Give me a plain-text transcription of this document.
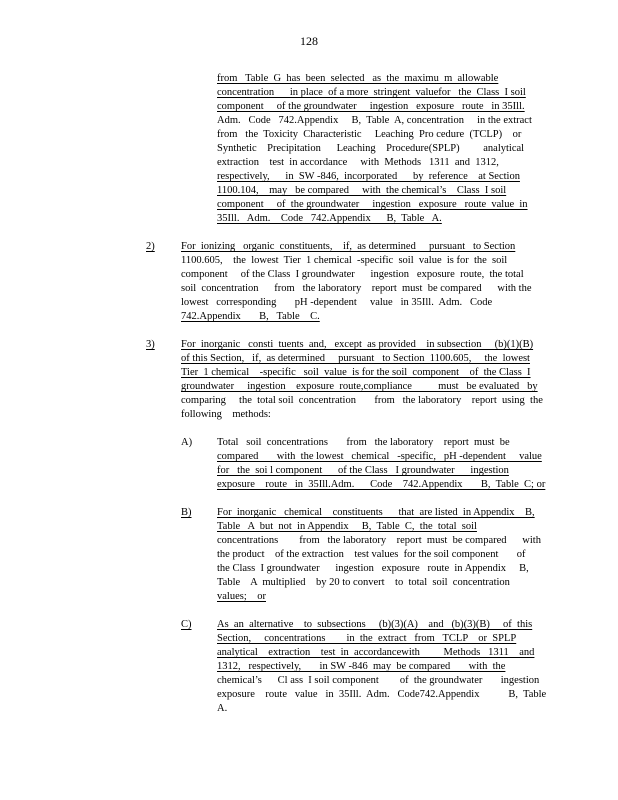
128
from   Table  G  has  been  selected   as  the  maximu  m  allowable
concentration      in place  of a more  stringent  valuefor   the  Class  I soil
component     of the groundwater     ingestion   exposure   route   in 35Ill.
Adm.   Code   742.Appendix     B,  Table  A, concentration     in the extract
from   the  Toxicity  Characteristic     Leaching  Pro cedure  (TCLP)    or
Synthetic    Precipitation      Leaching    Procedure(SPLP)         analytical
extraction    test  in accordance     with  Methods   1311  and  1312,
respectively,      in  SW -846,  incorporated      by  reference    at Section
1100.104,    may   be compared     with  the chemical’s    Class  I soil
component     of  the groundwater     ingestion   exposure   route  value  in
35Ill.   Adm.    Code   742.Appendix      B,  Table   A.
2)	For  ionizing   organic  constituents,    if,  as determined     pursuant   to Section
1100.605,    the  lowest  Tier  1 chemical  -specific  soil  value  is for  the  soil
component     of the Class  I groundwater      ingestion   exposure  route,  the total
soil  concentration      from   the laboratory    report  must  be compared      with the
lowest   corresponding       pH -dependent     value   in 35Ill.  Adm.   Code
742.Appendix       B,   Table    C.
3)	For  inorganic   consti  tuents  and,   except  as provided    in subsection     (b)(1)(B)
of this Section,   if,  as determined     pursuant   to Section  1100.605,     the  lowest
Tier  1 chemical    -specific   soil  value  is for the soil  component    of  the Class  I
groundwater     ingestion    exposure  route,compliance          must   be evaluated   by
comparing     the  total soil  concentration       from   the laboratory    report  using  the
following    methods:
A) Total   soil  concentrations       from   the laboratory    report  must  be
compared       with  the lowest   chemical   -specific,   pH -dependent     value
for   the  soi l component      of the Class   I groundwater      ingestion
exposure    route   in  35Ill.Adm.      Code    742.Appendix       B,  Table  C; or
B) For  inorganic   chemical    constituents      that  are listed  in Appendix    B,
Table   A  but  not  in Appendix     B,  Table  C,  the  total  soil
concentrations        from   the laboratory    report  must  be compared      with
the product    of the extraction    test values  for the soil component       of
the Class  I groundwater      ingestion   exposure   route  in Appendix     B,
Table    A  multiplied    by 20 to convert    to  total  soil  concentration
values;    or
C) As  an  alternative    to  subsections     (b)(3)(A)    and   (b)(3)(B)     of  this
Section,     concentrations        in  the  extract   from   TCLP    or  SPLP
analytical    extraction    test  in  accordancewith         Methods   1311    and
1312,   respectively,       in SW -846  may  be compared       with  the
chemical’s      Cl ass  I soil component        of  the groundwater       ingestion
exposure    route   value   in  35Ill.  Adm.   Code742.Appendix           B,  Table
A.
